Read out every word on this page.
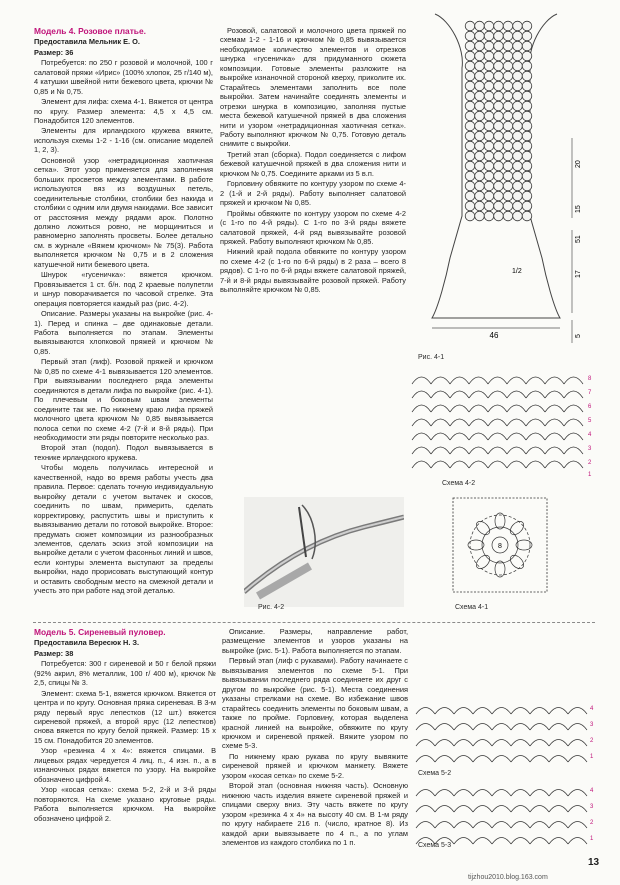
Модель 4. Розовое платье.

Предоставила Мельник Е. О.

Размер: 36

Потребуется: по 250 г розовой и молочной, 100 г салатовой пряжи «Ирис» (100% хлопок, 25 г/140 м), 4 катушки швейной нити бежевого цвета, крючки № 0,85 и № 0,75.

Элемент для лифа: схема 4-1. Вяжется от центра по кругу. Размер элемента: 4,5 х 4,5 см. Понадобится 120 элементов.

Элементы для ирландского кружева вяжите, используя схемы 1-2 - 1-16 (см. описание моделей 1, 2, 3).

Основной узор «нетрадиционная хаотичная сетка». Этот узор применяется для заполнения больших просветов между элементами. В работе используются вяз из воздушных петель, соединительные столбики, столбики без накида и столбики с одним или двумя накидами. Все зависит от расстояния между рядами арок. Полотно должно ложиться ровно, не морщиниться и равномерно заполнять просветы. Более детально см. в журнале «Вяжем крючком» № 75(3). Работа выполняется крючком № 0,75 и в 2 сложения катушечной нити бежевого цвета.

Шнурок «гусеничка»: вяжется крючком. Провязывается 1 ст. б/н. под 2 краевые полупетли и шнур поворачивается по часовой стрелке. Эта операция повторяется каждый раз (рис. 4-2).

Описание. Размеры указаны на выкройке (рис. 4-1). Перед и спинка – две одинаковые детали. Работа выполняется по этапам. Элементы вывязываются хлопковой пряжей и крючком № 0,85.

Первый этап (лиф). Розовой пряжей и крючком № 0,85 по схеме 4-1 вывязывается 120 элементов. При вывязывании последнего ряда элементы соединяются в детали лифа по выкройке (рис. 4-1). По плечевым и боковым швам элементы соедините так же. По нижнему краю лифа пряжей молочного цвета крючком № 0,85 вывязывается полоса сетки по схеме 4-2 (7-й и 8-й ряды). При необходимости эти ряды повторите несколько раз.

Второй этап (подол). Подол вывязывается в технике ирландского кружева.

Чтобы модель получилась интересной и качественной, надо во время работы учесть два правила. Первое: сделать точную индивидуальную выкройку детали с учетом вытачек и скосов, соединить по швам, примерить, сделать корректировку, распустить швы и приступить к вывязыванию детали по готовой выкройке. Второе: предумать сюжет композиции из разнообразных элементов, сделать эскиз этой композиции на выкройке детали с учетом фасонных линий и швов, если контуры элемента выступают за пределы выкройки, надо прорисовать выступающий контур и оставить свободным место на смежной детали и учесть это при работе над этой деталью.

Розовой, салатовой и молочного цвета пряжей по схемам 1-2 - 1-16 и крючком № 0,85 вывязывается необходимое количество элементов и отрезков шнурка «гусеничка» для придуманного сюжета композиции. Готовые элементы разложите на выкройке изнаночной стороной кверху, приколите их. Старайтесь элементами заполнить все поле выкройки. Затем начинайте соединять элементы и отрезки шнурка в композицию, заполняя пустые места бежевой катушечной пряжей в два сложения нити и узором «нетрадиционная хаотичная сетка». Работу выполняют крючком № 0,75. Готовую деталь снимите с выкройки.

Третий этап (сборка). Подол соединяется с лифом бежевой катушечной пряжей в два сложения нити и крючком № 0,75. Соедините арками из 5 в.п.

Горловину обвяжите по контуру узором по схеме 4-2 (1-й и 2-й ряды). Работу выполняет салатовой пряжей и крючком № 0,85.

Проймы обвяжите по контуру узором по схеме 4-2 (с 1-го по 4-й ряды). С 1-го по 3-й ряды вяжете салатовой пряжей, 4-й ряд вывязывайте розовой пряжей. Работу выполняют крючком № 0,85.

Нижний край подола обвяжите по контуру узором по схеме 4-2 (с 1-го по 6-й ряды) в 2 раза – всего 8 рядов). С 1-го по 6-й ряды вяжете салатовой пряжей, 7-й и 8-й ряды вывязывайте розовой пряжей. Работу выполняйте крючком № 0,85.

Рис. 4-2
46
20
15
51
17
5
1/2
Рис. 4-1
8
7
6
5
4
3
2
1
Схема 4-2
8
Схема 4-1

Модель 5. Сиреневый пуловер.

Предоставила Вересюк Н. З.

Размер: 38

Потребуется: 300 г сиреневой и 50 г белой пряжи (92% акрил, 8% металлик, 100 г/ 400 м), крючок № 2,5, спицы № 3.

Элемент: схема 5-1, вяжется крючком. Вяжется от центра и по кругу. Основная пряжа сиреневая. В 3-м ряду первый ярус лепестков (12 шт.) вяжется сиреневой пряжей, а второй ярус (12 лепестков) снова вяжется по кругу белой пряжей. Размер: 15 х 15 см. Понадобится 20 элементов.

Узор «резинка 4 х 4»: вяжется спицами. В лицевых рядах чередуется 4 лиц. п., 4 изн. п., а в изнаночных рядах вяжется по узору. На выкройке обозначено цифрой 4.

Узор «косая сетка»: схема 5-2, 2-й и 3-й ряды повторяются. На схеме указано круговые ряды. Работа выполняется крючком. На выкройке обозначено цифрой 2.

Описание. Размеры, направление работ, размещение элементов и узоров указаны на выкройке (рис. 5-1). Работа выполняется по этапам.

Первый этап (лиф с рукавами). Работу начинаете с вывязывания элементов по схеме 5-1. При вывязывании последнего ряда соединяете их друг с другом по выкройке (рис. 5-1). Места соединения указаны стрелками на схеме. Во избежание швов старайтесь соединить элементы по боковым швам, а также по пройме. Горловину, которая выделена красной линией на выкройке, обвяжите по кругу крючком и сиреневой пряжей. Вяжите узором по схеме 5-3.

По нижнему краю рукава по кругу вывяжите сиреневой пряжей и крючком манжету. Вяжете узором «косая сетка» по схеме 5-2.

Второй этап (основная нижняя часть). Основную нижнюю часть изделия вяжете сиреневой пряжей и спицами сверху вниз. Эту часть вяжете по кругу узором «резинка 4 х 4» на высоту 40 см. В 1-м ряду по кругу набираете 216 п. (число, кратное 8). Из каждой арки вывязываете по 4 п., а по углам элементов из каждого столбика по 1 п.

4
3
2
1
Схема 5-2
4
3
2
1
Схема 5-3
13
tijzhou2010.blog.163.com
